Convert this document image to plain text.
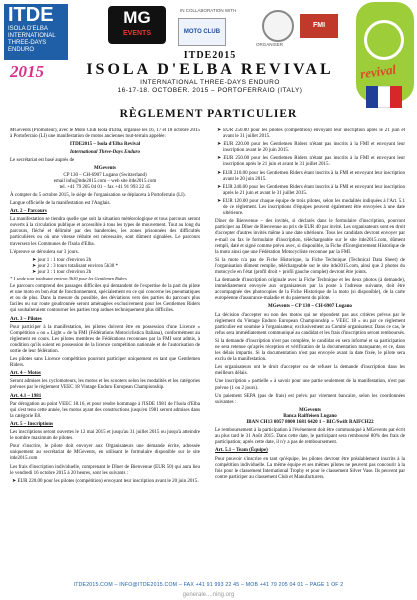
ITDE
ISOLA D'ELBA INTERNATIONAL THREE-DAYS ENDURO
2015
MG
EVENTS
IN COLLABORATION WITH
MOTO CLUB
ORGANISER
FMI
revival
ITDE2015
ISOLA D'ELBA REVIVAL
INTERNATIONAL THREE-DAYS ENDURO
16-17-18. OCTOBER. 2015 – PORTOFERRAIO (ITALY)
RÈGLEMENT PARTICULIER

MGevents (Promoteur), avec le Moto Club Isola d'Elba, organise les 16, 17 et 18 octobre 2015 à Portoferraio (LI) une manifestation de motos anciennes tout-terrain appelée:

ITDE2015 – Isola d'Elba Revival

International Three-Days Enduro

Le secrétariat est basé auprès de

MGevents

CP 130 – CH-6907 Lugano (Switzerland)

email info@itde2015.com – web site itde2015.com

tel. +41 79 205 04 01 – fax +41 91 993 22 45

À compter du 5 octobre 2015, le siège de l'organisation se déplacera à Portoferraio (LI).

Langue officielle de la manifestation est l'Anglais.

Art. 2 – Parcours

La manifestation se tiendra quelle que soit la situation météorologique et tous parcours seront ouverts à la circulation publique et accessible à tous les types de mouvement. Tout au long du parcours, fléché et délimité par des banderoles, les zones prisonnées des difficultés particulières ou où une vitesse réduite est nécessaire, sont dûment signalées. Le parcours traversera les Communes de l'Isola d'Elba.

L'épreuve se déroulera sur 3 jours.

➤ jour 1 : 1 tour d'environ 2h

➤ jour 2 : 3 tours totalisant environ 5h30 *

➤ jour 3 : 1 tour d'environ 2h

* 1 seule tour totalisant environ 3h30 pour les Gentlemen Riders

Le parcours comprend des passages difficiles qui demandent de l'expertise de la part du pilote et une moto en bon état de fonctionnement, spécialement en ce qui concerne les pneumatiques et ou de plus. Dans la mesure du possible, des déviations vers des parties du parcours plus faciles ou sur route goudronnée seront aménagées exclusivement pour les Gentlemen Riders qui souhaiteraient contourner les parties trop ardues techniquement plus difficiles.

Art. 3 – Pilotes

Pour participer à la manifestation, les pilotes doivent être en possession d'une Licence « Compétition » ou « Light » de la FMI (Fédérations Motociclistica Italiana), conformément au règlement en cours. Les pilotes membres de Fédérations reconnues par la FMI sont admis, à condition qu'ils soient en possession de la licence compétition nationale et de l'autorisation de sortie de leur fédération.

Les pilotes sans Licence compétition pourront participer uniquement en tant que Gentlemen Riders.

Art. 4 – Motos

Seront admises les cyclomoteurs, les motos et les scooters selon les modalités et les catégories prévues par le règlement VEEC 18 Vintage Enduro European Championship.

Art. 4.1 – 1981

Par dérogation au point VEEC 18.16, et pour rendre hommage à l'ISDE 1981 de l'Isola d'Elba qui s'est tenu cette année, les motos ayant des constructions jusqu'en 1981 seront admises dans la catégorie E8.

Art. 5 – Inscriptions

Les inscriptions seront ouvertes le 12 mai 2015 et jusqu'au 31 juillet 2015 ou jusqu'à atteindre le nombre maximum de pilotes.

Pour s'inscrire, le pilote doit envoyer aux Organisateurs une demande écrite, adressée uniquement au secrétariat de MGevents, en utilisant le formulaire disponible sur le site itde2015.com

Les frais d'inscription individuelle, comprenant le Dîner de Bienvenue (EUR 50) qui aura lieu le vendredi 16 octobre 2015 à 20 heures, sont les suivants :

➤ EUR 220.00 pour les pilotes (compétition) envoyant leur inscription avant le 20 juin 2015.

➤ EUR 250.00 pour les pilotes (compétition) envoyant leur inscription après le 21 juin et avant le 31 juillet 2015.

➤ EUR 220.00 pour les Gentlemen Riders n'étant pas inscrits à la FMI et envoyant leur inscription avant le 20 juin 2015.

➤ EUR 250.00 pour les Gentlemen Riders n'étant pas inscrits à la FMI et envoyant leur inscription après le 21 juin et avant le 31 juillet 2015.

➤ EUR 210.00 pour les Gentlemen Riders étant inscrits à la FMI et envoyant leur inscription avant le 20 juin 2015.

➤ EUR 240.00 pour les Gentlemen Riders étant inscrits à la FMI et envoyant leur inscription après le 21 juin et avant le 31 juillet 2015.

➤ EUR 120.00 pour chaque équipe de trois pilotes, selon les modalités indiquées à l'Art. 5.1 de ce règlement. Les inscriptions d'équipes peuvent également être envoyées à une date ultérieure.

Dîner de Bienvenue – des invités, si déclarés dans le formulaire d'inscription, pourront participer au Dîner de Bienvenue au prix de EUR 40 par invité. Les organisateurs sont en droit d'accepter d'autres invités même à une date ultérieure. Tous les candidats devront envoyer par e-mail ou fax le formulaire d'inscription, téléchargeable sur le site itde2015.com, dûment rempli, daté et signé comme prévu avec, si disponible, la Fiche d'Enregistrement Historique de la moto ainsi que une Fédération Motocycliste reconnue par la FMI.

Si la moto n'a pas de Fiche Historique, la Fiche Technique (Technical Data Sheet) de l'organisation dûment remplie, téléchargeable sur le site itde2015.com, ainsi que 2 photos du motocycle en l'état (profil droit + profil gauche complet) devront être joints.

La demande d'inscription originale avec la Fiche Technique et les deux photos (à demande), immédiatement envoyée aux organisateurs par la poste à l'adresse suivante, doit être accompagnée des photocopies de la Fiche Historique de la moto (si disponible), de la carte européenne d'assurance-maladie et du paiement du pilote.

MGevents – CP 130 – CH-6907 Lugano

La décision d'accepter ou non des motos qui ne répondent pas aux critères prévus par le règlement du Vintage Enduro European Championship « VEEC 18 » ou par ce règlement particulier est soumise à l'organisateur, exclusivement au Comité organisateur. Dans ce cas, le refus sera immédiatement communiqué au candidat et les frais d'inscription seront remboursés.

Si la demande d'inscription n'est pas complète, le candidat en sera informé et sa participation ne sera retenue qu'après réception et vérification de la documentation manquante, et ce, dans les délais impartis. Si la documentation n'est pas envoyée avant la date fixée, le pilote sera exclu de la manifestation.

Les organisateurs ont le droit d'accepter ou de refuser la demande d'inscription dans les meilleurs délais.

Une inscription « partielle » à savoir pour une partie seulement de la manifestation, n'est pas prévue (1 ou 2 jours).

Un paiement SEPA (pas de frais) est prévu par virement bancaire, selon les coordonnées suivantes :

MGevents

Banca Raiffeisen Lugano

IBAN CH13 8057 8000 1681 6420 1 – BIC/Swift RAIFCH22

Le remboursement à la participation à l'événement doit être communiqué à MGevents par écrit au plus tard le 31 Août 2015. Dans cette date, le participant sera remboursé 80% des frais de participation; après cette date, il n'y a pas de remboursement.

Art. 5.1 – Team (Équipe)

Pour pouvoir s'inscrire en tant qu'équipe, les pilotes devront être préalablement inscrits à la compétition individuelle. La même équipe et ses mêmes pilotes ne peuvent pas concourir à la fois pour le classement International Trophy et pour le classement Silver Vase. Ils peuvent par contre participer au classement Club et Manufacturers.

ITDE2015.COM – INFO@ITDE2015.COM – FAX +41 91 993 22 45 – MOB +41 79 205 04 01 – PAGE 1 OF 2
generale....ning.org
